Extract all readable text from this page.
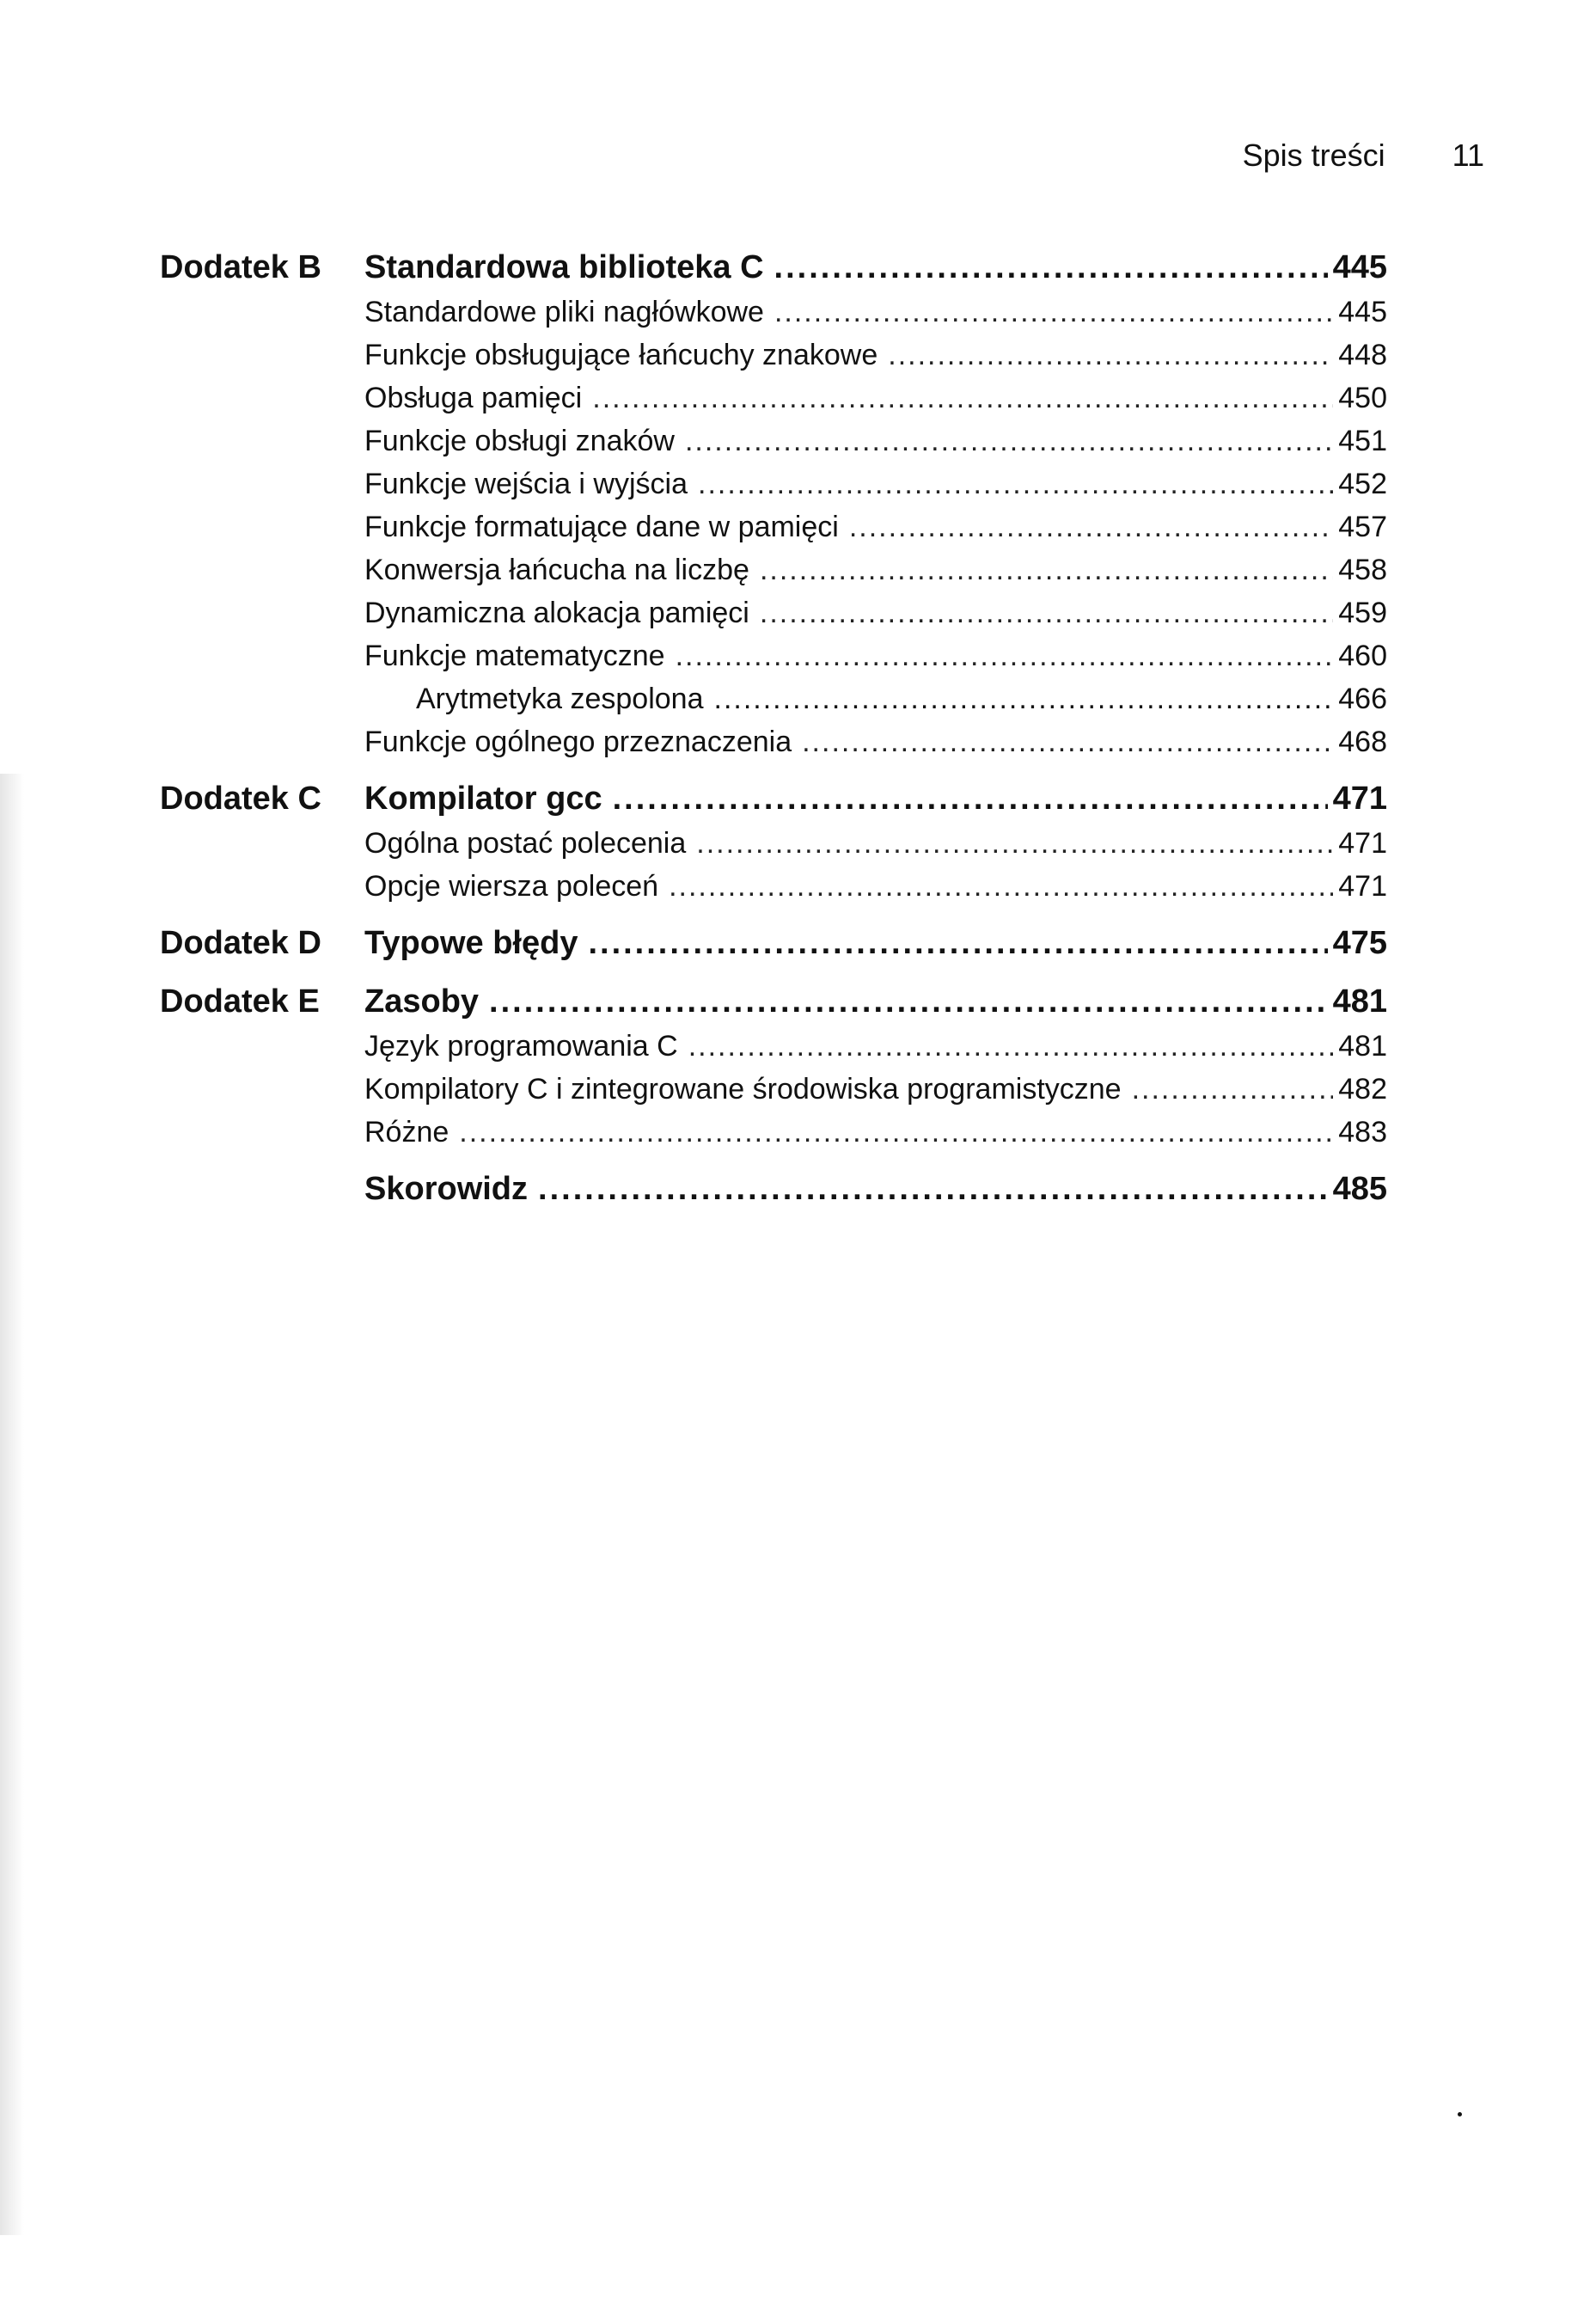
Spis treści 11
Dodatek B	Standardowa biblioteka C .....	445
Standardowe pliki nagłówkowe .....	445
Funkcje obsługujące łańcuchy znakowe .....	448
Obsługa pamięci .....	450
Funkcje obsługi znaków .....	451
Funkcje wejścia i wyjścia .....	452
Funkcje formatujące dane w pamięci .....	457
Konwersja łańcucha na liczbę .....	458
Dynamiczna alokacja pamięci .....	459
Funkcje matematyczne .....	460
Arytmetyka zespolona .....	466
Funkcje ogólnego przeznaczenia .....	468
Dodatek C	Kompilator gcc .....	471
Ogólna postać polecenia .....	471
Opcje wiersza poleceń .....	471
Dodatek D	Typowe błędy .....	475
Dodatek E	Zasoby .....	481
Język programowania C .....	481
Kompilatory C i zintegrowane środowiska programistyczne .....	482
Różne .....	483
Skorowidz .....	485
